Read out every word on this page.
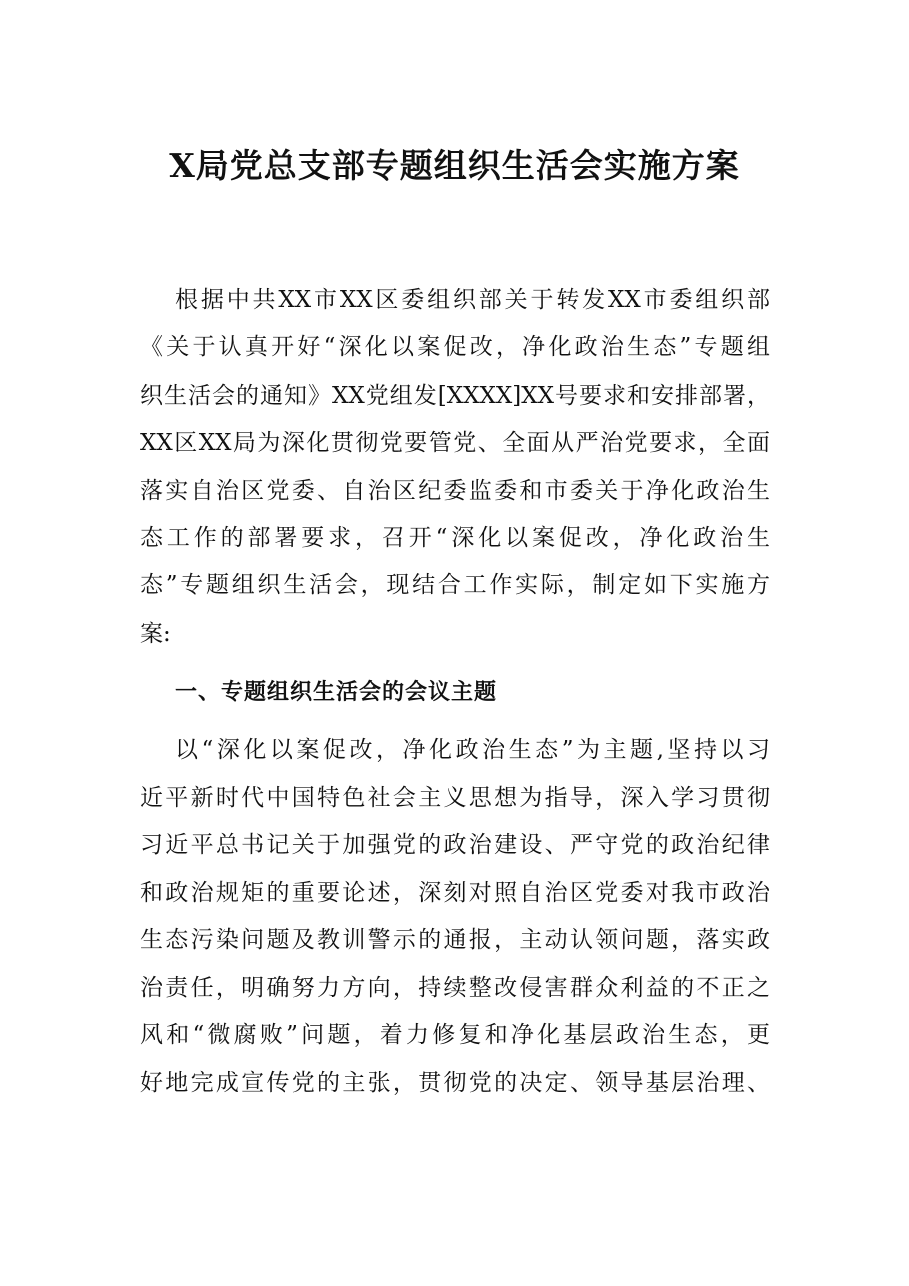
X局党总支部专题组织生活会实施方案
根据中共XX市XX区委组织部关于转发XX市委组织部
《关于认真开好“深化以案促改，净化政治生态”专题组
织生活会的通知》XX党组发[XXXX]XX号要求和安排部署，
XX区XX局为深化贯彻党要管党、全面从严治党要求，全面
落实自治区党委、自治区纪委监委和市委关于净化政治生
态工作的部署要求，召开“深化以案促改，净化政治生
态”专题组织生活会，现结合工作实际，制定如下实施方
案:
一、专题组织生活会的会议主题
以“深化以案促改，净化政治生态”为主题,坚持以习
近平新时代中国特色社会主义思想为指导，深入学习贯彻
习近平总书记关于加强党的政治建设、严守党的政治纪律
和政治规矩的重要论述，深刻对照自治区党委对我市政治
生态污染问题及教训警示的通报，主动认领问题，落实政
治责任，明确努力方向，持续整改侵害群众利益的不正之
风和“微腐败”问题，着力修复和净化基层政治生态，更
好地完成宣传党的主张，贯彻党的决定、领导基层治理、
